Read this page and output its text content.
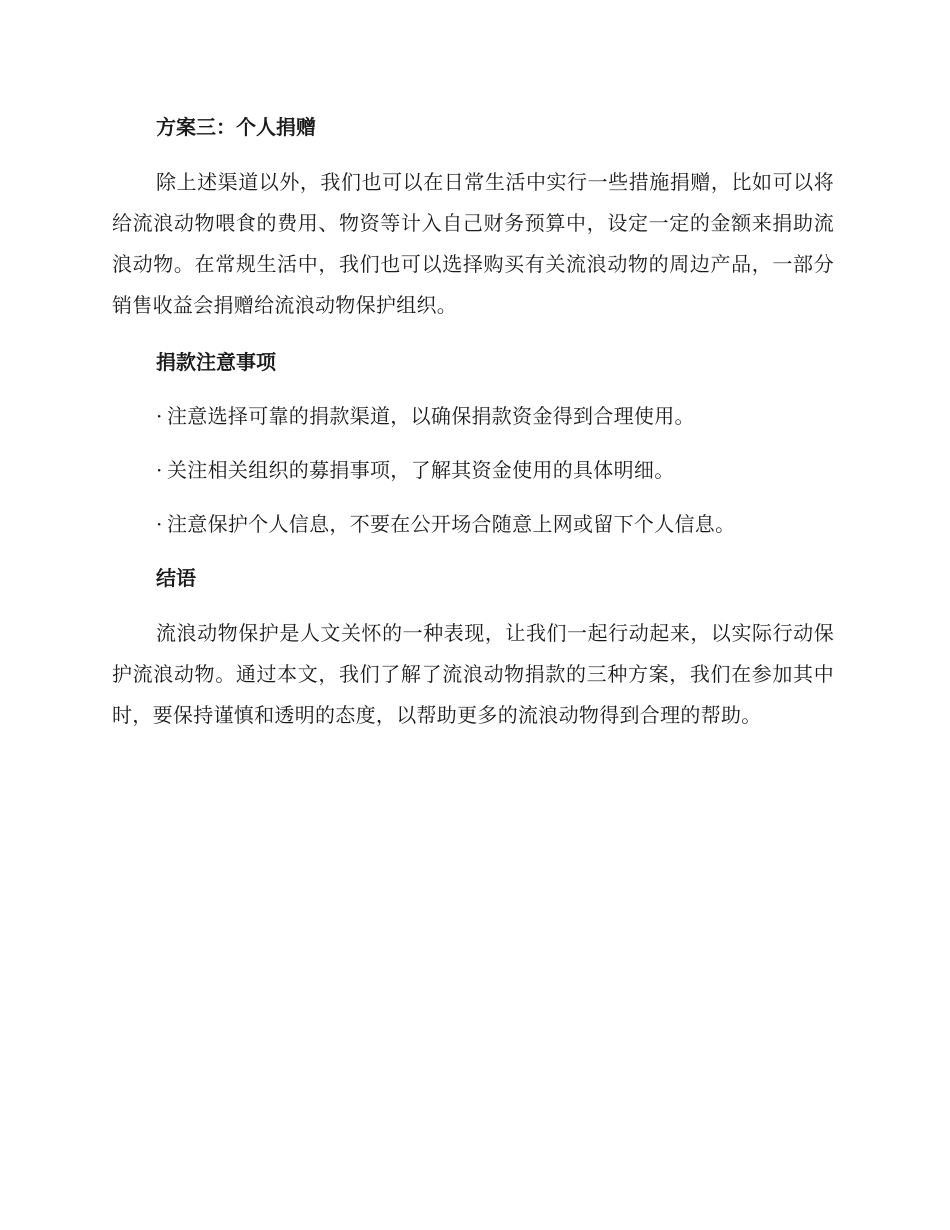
方案三：个人捐赠

除上述渠道以外，我们也可以在日常生活中实行一些措施捐赠，比如可以将给流浪动物喂食的费用、物资等计入自己财务预算中，设定一定的金额来捐助流浪动物。在常规生活中，我们也可以选择购买有关流浪动物的周边产品，一部分销售收益会捐赠给流浪动物保护组织。

捐款注意事项

· 注意选择可靠的捐款渠道，以确保捐款资金得到合理使用。

· 关注相关组织的募捐事项，了解其资金使用的具体明细。

· 注意保护个人信息，不要在公开场合随意上网或留下个人信息。

结语

流浪动物保护是人文关怀的一种表现，让我们一起行动起来，以实际行动保护流浪动物。通过本文，我们了解了流浪动物捐款的三种方案，我们在参加其中时，要保持谨慎和透明的态度，以帮助更多的流浪动物得到合理的帮助。
